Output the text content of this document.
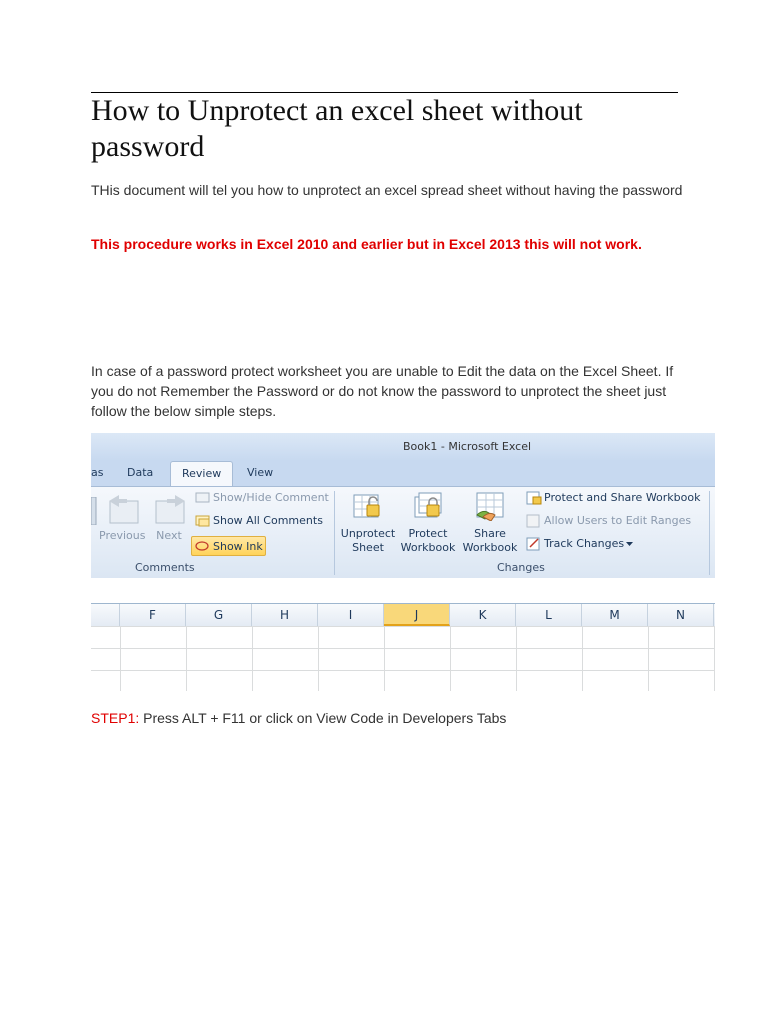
How to Unprotect an excel sheet without password

THis document will tel you how to unprotect an excel spread sheet without having the password

This procedure works in Excel 2010 and earlier but in Excel 2013 this will not work.

In case of a password protect worksheet you are unable to Edit the data on the Excel Sheet. If you do not Remember the Password or do not know the password to unprotect the sheet just follow the below simple steps.

Book1 - Microsoft Excel
as Data	Review	View
Previous Next
Show/Hide Comment
Show All Comments
Show Ink
Comments
Unprotect
Sheet
Protect
Workbook
Share
Workbook
Protect and Share Workbook
Allow Users to Edit Ranges
Track Changes
Changes
F	G	H	I	J	K	L	M	N

STEP1: Press ALT + F11 or click on View Code in Developers Tabs
